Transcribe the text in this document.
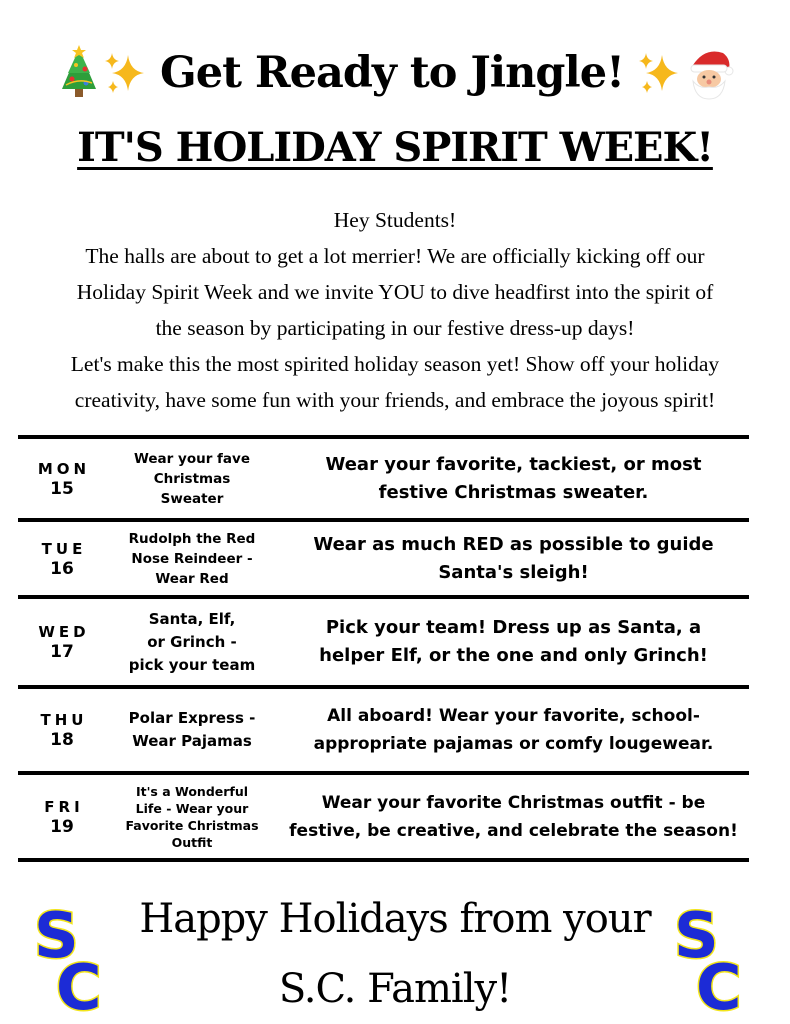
Get Ready to Jingle!
IT'S HOLIDAY SPIRIT WEEK!
Hey Students!
The halls are about to get a lot merrier! We are officially kicking off our
Holiday Spirit Week and we invite YOU to dive headfirst into the spirit of
the season by participating in our festive dress-up days!
Let's make this the most spirited holiday season yet! Show off your holiday
creativity, have some fun with your friends, and embrace the joyous spirit!
MON
15
Wear your fave
Christmas
Sweater
Wear your favorite, tackiest, or most
festive Christmas sweater.
TUE
16
Rudolph the Red
Nose Reindeer -
Wear Red
Wear as much RED as possible to guide
Santa's sleigh!
WED
17
Santa, Elf,
or Grinch -
pick your team
Pick your team! Dress up as Santa, a
helper Elf, or the one and only Grinch!
THU
18
Polar Express -
Wear Pajamas
All aboard! Wear your favorite, school-
appropriate pajamas or comfy lougewear.
FRI
19
It's a Wonderful
Life - Wear your
Favorite Christmas
Outfit
Wear your favorite Christmas outfit - be
festive, be creative, and celebrate the season!
S
C
Happy Holidays from your
S.C. Family!
S
C
